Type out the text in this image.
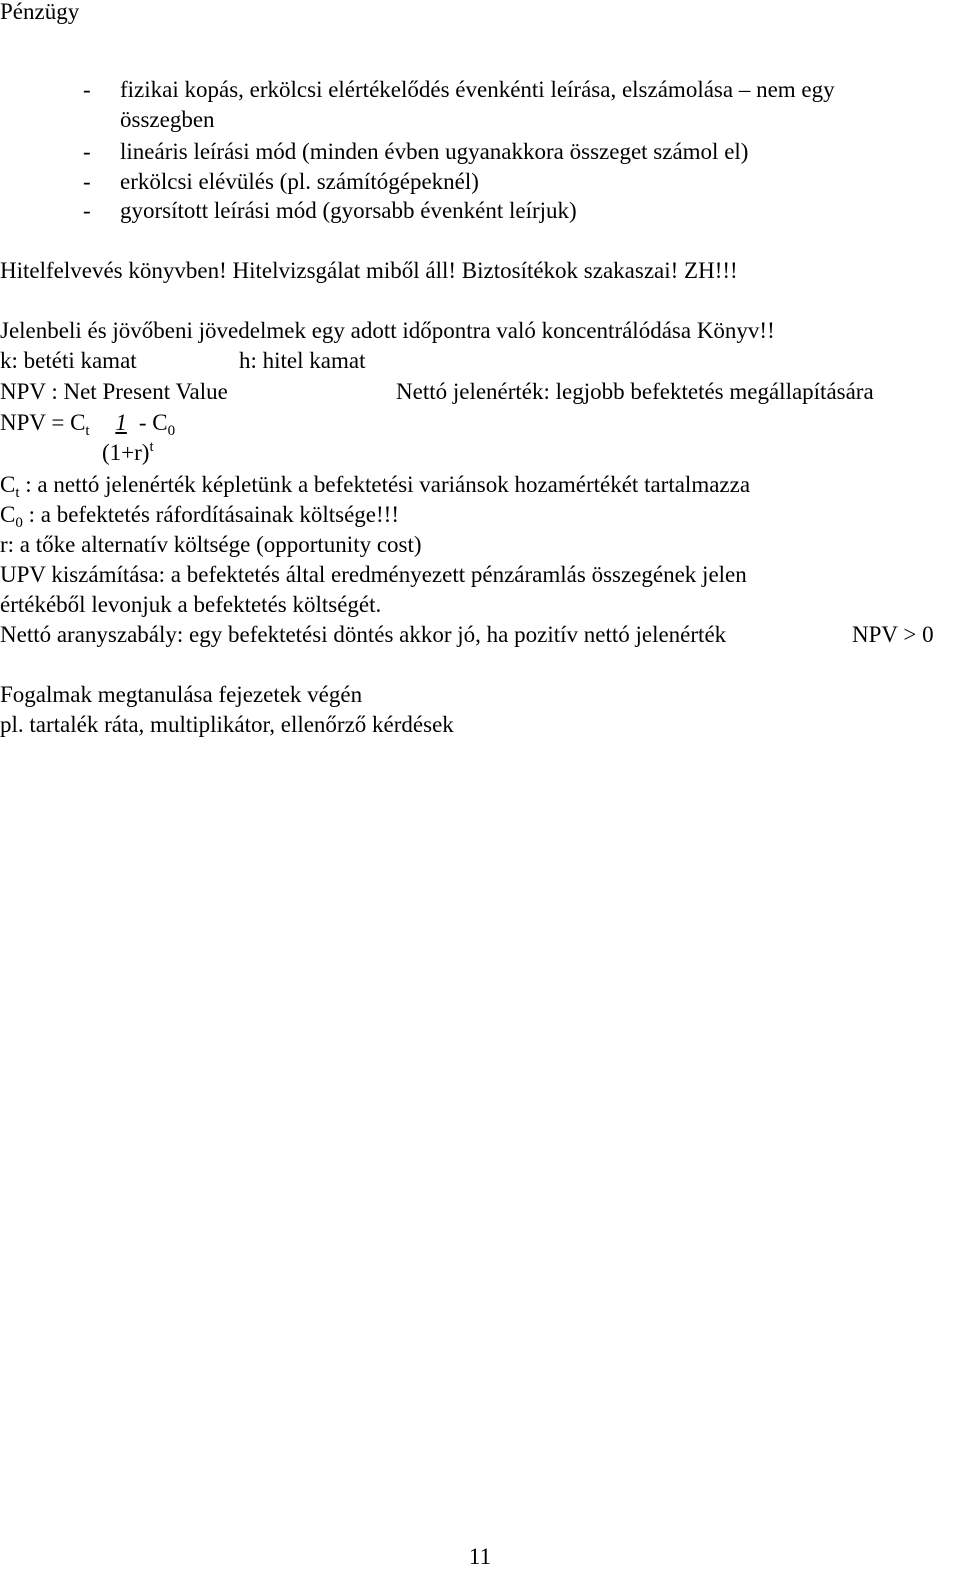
Pénzügy
- fizikai kopás, erkölcsi elértékelődés évenkénti leírása, elszámolása – nem egy
összegben
- lineáris leírási mód (minden évben ugyanakkora összeget számol el)
- erkölcsi elévülés (pl. számítógépeknél)
- gyorsított leírási mód (gyorsabb évenként leírjuk)
Hitelfelvevés könyvben! Hitelvizsgálat miből áll! Biztosítékok szakaszai! ZH!!!
Jelenbeli és jövőbeni jövedelmek egy adott időpontra való koncentrálódása Könyv!!
k: betéti kamat	h: hitel kamat
NPV : Net Present Value	Nettó jelenérték: legjobb befektetés megállapítására
NPV = $C_t$ $1 - C_0$
$(1+r)^t$
$C_t$ : a nettó jelenérték képletünk a befektetési variánsok hozamértékét tartalmazza
$C_0$ : a befektetés ráfordításainak költsége!!!
r: a tőke alternatív költsége (opportunity cost)
UPV kiszámítása: a befektetés által eredményezett pénzáramlás összegének jelen
értékéből levonjuk a befektetés költségét.
Nettó aranyszabály: egy befektetési döntés akkor jó, ha pozitív nettó jelenérték	NPV > 0
Fogalmak megtanulása fejezetek végén
pl. tartalék ráta, multiplikátor, ellenőrző kérdések
11
